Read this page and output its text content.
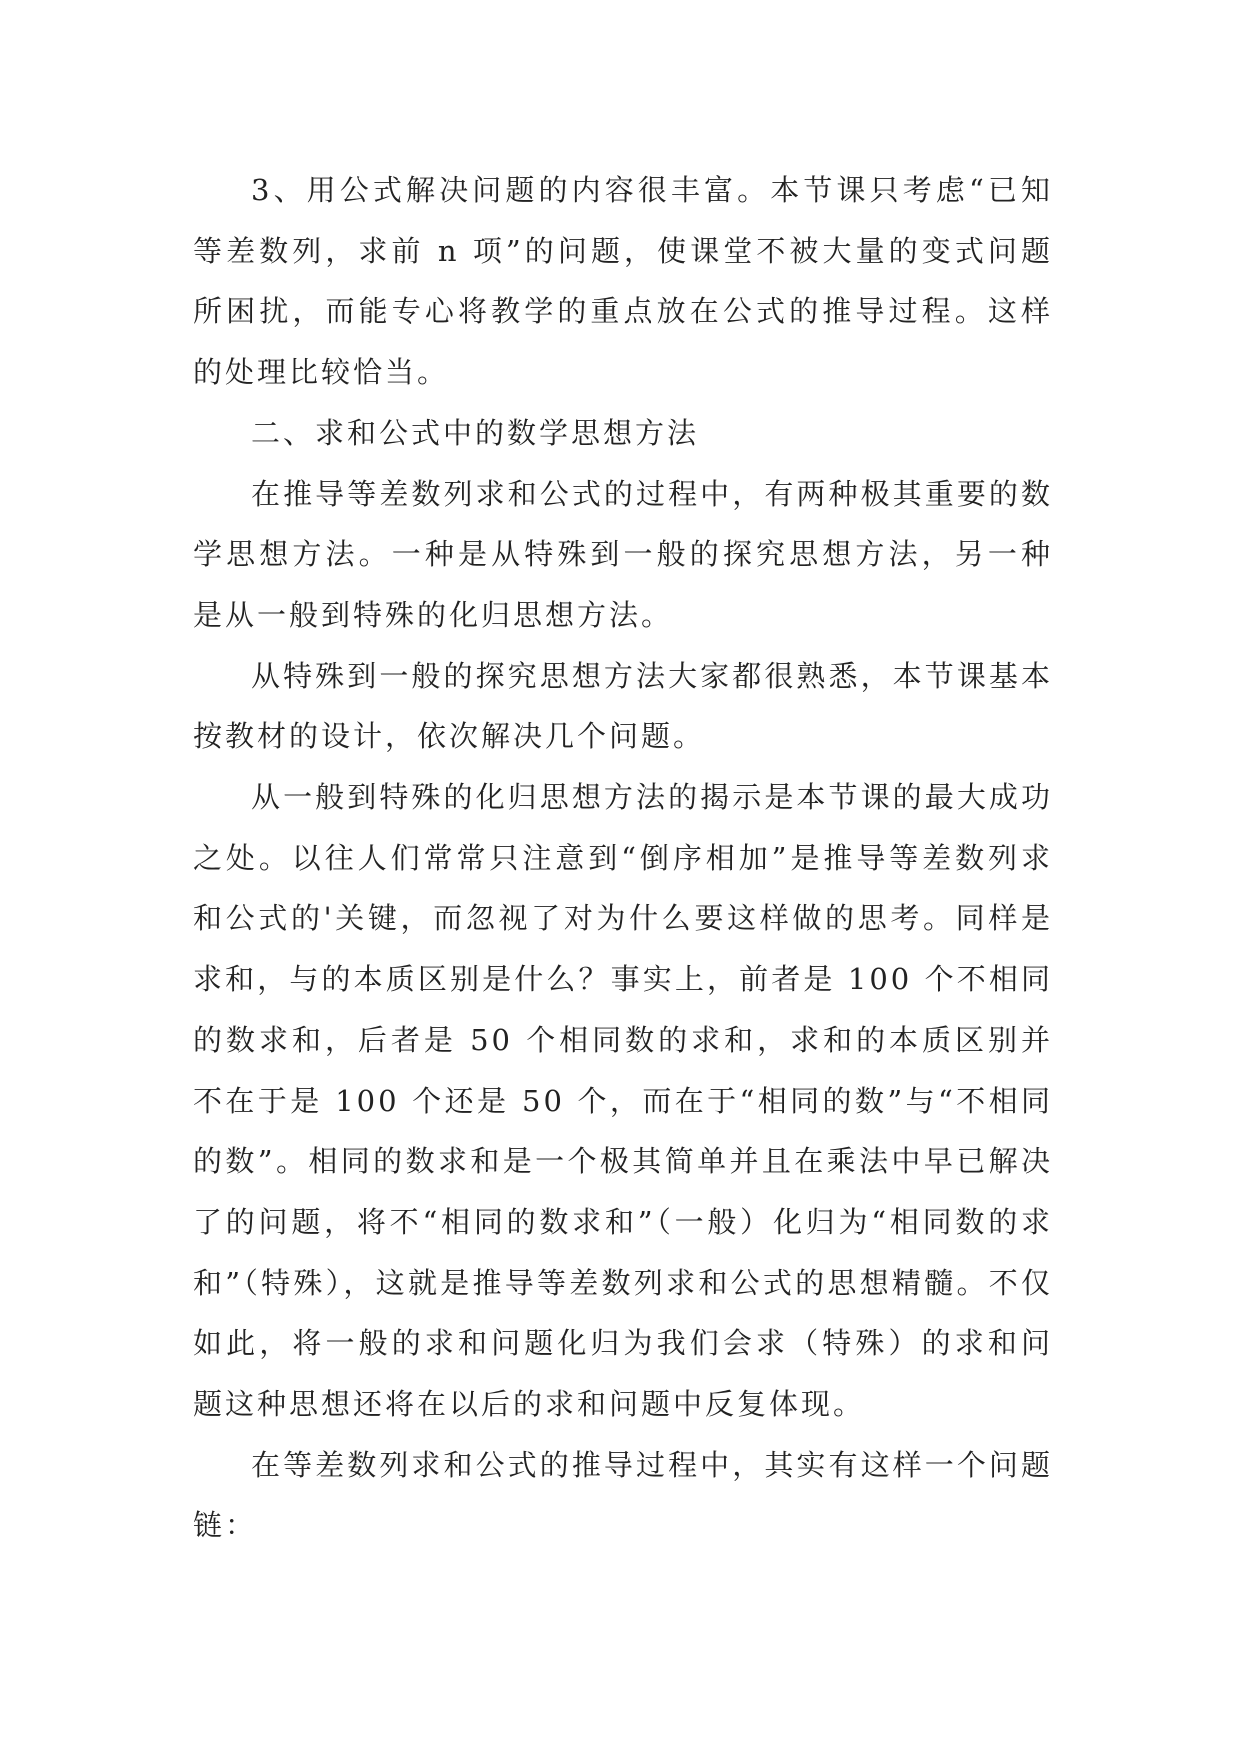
3、用公式解决问题的内容很丰富。本节课只考虑“已知等差数列，求前 n 项”的问题，使课堂不被大量的变式问题所困扰，而能专心将教学的重点放在公式的推导过程。这样的处理比较恰当。

二、求和公式中的数学思想方法

在推导等差数列求和公式的过程中，有两种极其重要的数学思想方法。一种是从特殊到一般的探究思想方法，另一种是从一般到特殊的化归思想方法。

从特殊到一般的探究思想方法大家都很熟悉，本节课基本按教材的设计，依次解决几个问题。

从一般到特殊的化归思想方法的揭示是本节课的最大成功之处。以往人们常常只注意到“倒序相加”是推导等差数列求和公式的'关键，而忽视了对为什么要这样做的思考。同样是求和，与的本质区别是什么？事实上，前者是 100 个不相同的数求和，后者是 50 个相同数的求和，求和的本质区别并不在于是 100 个还是 50 个，而在于“相同的数”与“不相同的数”。相同的数求和是一个极其简单并且在乘法中早已解决了的问题，将不“相同的数求和”（一般）化归为“相同数的求和”（特殊），这就是推导等差数列求和公式的思想精髓。不仅如此，将一般的求和问题化归为我们会求（特殊）的求和问题这种思想还将在以后的求和问题中反复体现。

在等差数列求和公式的推导过程中，其实有这样一个问题链：
